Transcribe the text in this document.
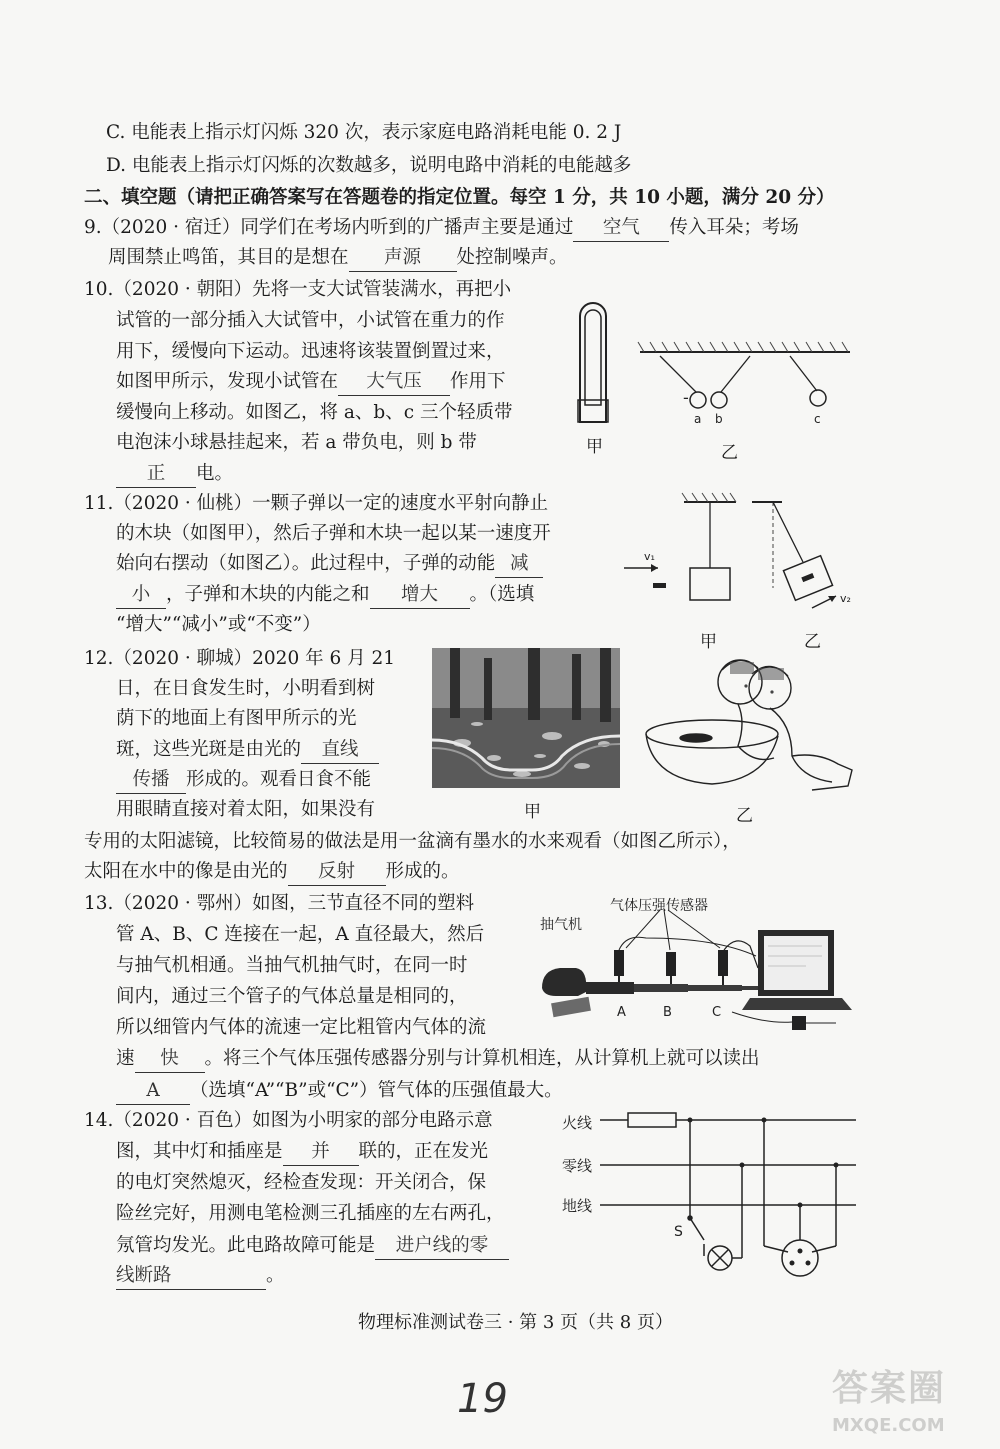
C. 电能表上指示灯闪烁 320 次，表示家庭电路消耗电能 0. 2 J
D. 电能表上指示灯闪烁的次数越多，说明电路中消耗的电能越多
二、填空题（请把正确答案写在答题卷的指定位置。每空 1 分，共 10 小题，满分 20 分）
9.（2020 · 宿迁）同学们在考场内听到的广播声主要是通过 空气 传入耳朵；考场
周围禁止鸣笛，其目的是想在 声源 处控制噪声。
10.（2020 · 朝阳）先将一支大试管装满水，再把小
试管的一部分插入大试管中，小试管在重力的作
用下，缓慢向下运动。迅速将该装置倒置过来，
如图甲所示，发现小试管在 大气压 作用下
缓慢向上移动。如图乙，将 a、b、c 三个轻质带
电泡沫小球悬挂起来，若 a 带负电，则 b 带
正 电。
-
a b	c
甲	乙
11.（2020 · 仙桃）一颗子弹以一定的速度水平射向静止
的木块（如图甲），然后子弹和木块一起以某一速度开
始向右摆动（如图乙）。此过程中，子弹的动能 减
小 ，子弹和木块的内能之和 增大 。（选填
“增大”“减小”或“不变”）
v₁
v₂
甲	乙
12.（2020 · 聊城）2020 年 6 月 21
日，在日食发生时，小明看到树
荫下的地面上有图甲所示的光
斑，这些光斑是由光的 直线
传播 形成的。观看日食不能
用眼睛直接对着太阳，如果没有
专用的太阳滤镜，比较简易的做法是用一盆滴有墨水的水来观看（如图乙所示），
太阳在水中的像是由光的 反射 形成的。
甲	乙
13.（2020 · 鄂州）如图，三节直径不同的塑料
管 A、B、C 连接在一起，A 直径最大，然后
与抽气机相通。当抽气机抽气时，在同一时
间内，通过三个管子的气体总量是相同的，
所以细管内气体的流速一定比粗管内气体的流
速 快 。将三个气体压强传感器分别与计算机相连，从计算机上就可以读出
A （选填“A”“B”或“C”）管气体的压强值最大。
气体压强传感器
抽气机
A	B	C
14.（2020 · 百色）如图为小明家的部分电路示意
图，其中灯和插座是 并 联的，正在发光
的电灯突然熄灭，经检查发现：开关闭合，保
险丝完好，用测电笔检测三孔插座的左右两孔，
氖管均发光。此电路故障可能是 进户线的零
线断路	。
火线
零线
地线
S
物理标准测试卷三 · 第 3 页（共 8 页）
19	答案圈
MXQE.COM
